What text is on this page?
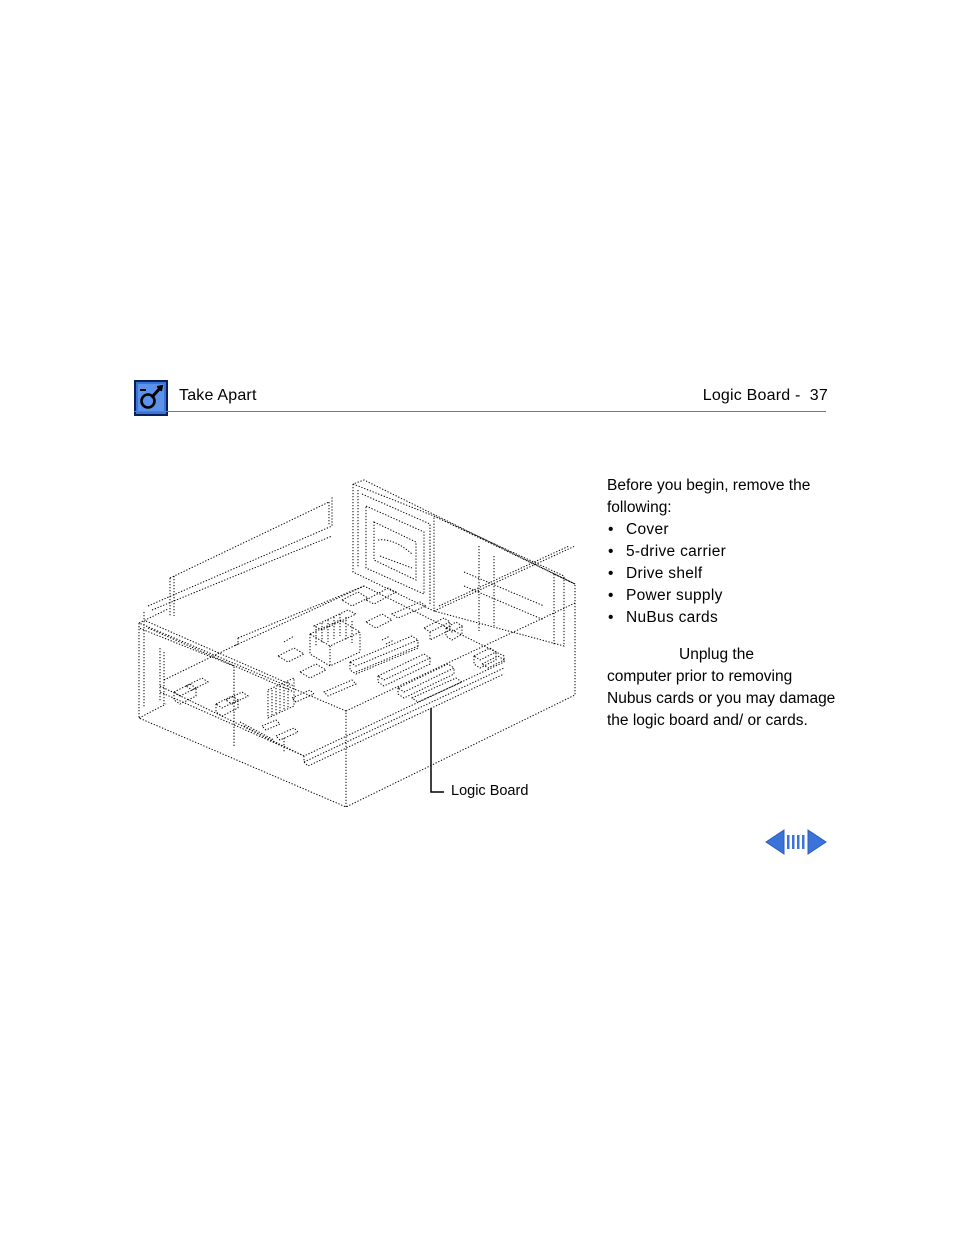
Take Apart	Logic Board -  37
Logic Board

Before you begin, remove the following:

• Cover
• 5-drive carrier
• Drive shelf
• Power supply
• NuBus cards

Unplug the
computer prior to removing Nubus cards or you may damage the logic board and/ or cards.
